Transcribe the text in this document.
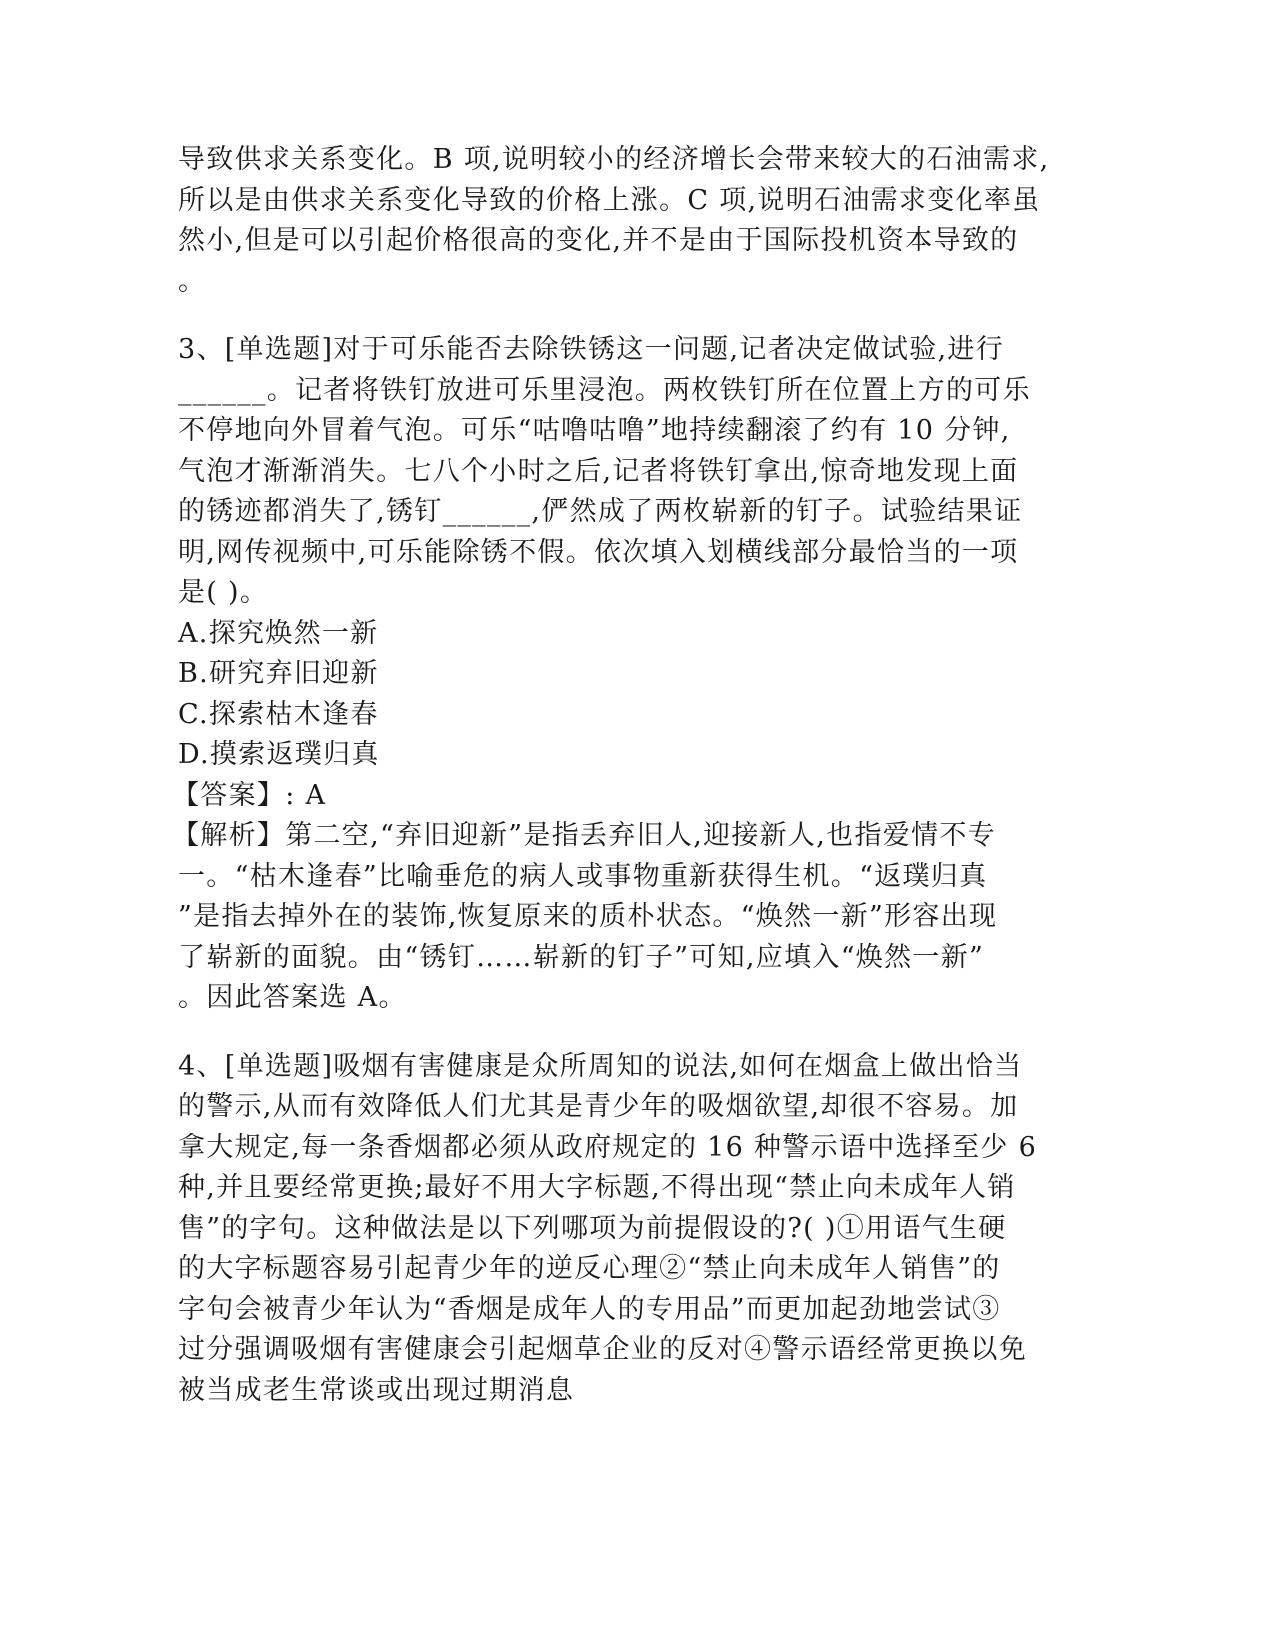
导致供求关系变化。B 项,说明较小的经济增长会带来较大的石油需求,
所以是由供求关系变化导致的价格上涨。C 项,说明石油需求变化率虽
然小,但是可以引起价格很高的变化,并不是由于国际投机资本导致的
。
3、[单选题]对于可乐能否去除铁锈这一问题,记者决定做试验,进行
______。记者将铁钉放进可乐里浸泡。两枚铁钉所在位置上方的可乐
不停地向外冒着气泡。可乐“咕噜咕噜”地持续翻滚了约有 10 分钟,
气泡才渐渐消失。七八个小时之后,记者将铁钉拿出,惊奇地发现上面
的锈迹都消失了,锈钉______,俨然成了两枚崭新的钉子。试验结果证
明,网传视频中,可乐能除锈不假。依次填入划横线部分最恰当的一项
是( )。
A.探究焕然一新
B.研究弃旧迎新
C.探索枯木逢春
D.摸索返璞归真
【答案】: A
【解析】第二空,“弃旧迎新”是指丢弃旧人,迎接新人,也指爱情不专
一。“枯木逢春”比喻垂危的病人或事物重新获得生机。“返璞归真
”是指去掉外在的装饰,恢复原来的质朴状态。“焕然一新”形容出现
了崭新的面貌。由“锈钉……崭新的钉子”可知,应填入“焕然一新”
。因此答案选 A。
4、[单选题]吸烟有害健康是众所周知的说法,如何在烟盒上做出恰当
的警示,从而有效降低人们尤其是青少年的吸烟欲望,却很不容易。加
拿大规定,每一条香烟都必须从政府规定的 16 种警示语中选择至少 6
种,并且要经常更换;最好不用大字标题,不得出现“禁止向未成年人销
售”的字句。这种做法是以下列哪项为前提假设的?( )①用语气生硬
的大字标题容易引起青少年的逆反心理②“禁止向未成年人销售”的
字句会被青少年认为“香烟是成年人的专用品”而更加起劲地尝试③
过分强调吸烟有害健康会引起烟草企业的反对④警示语经常更换以免
被当成老生常谈或出现过期消息
